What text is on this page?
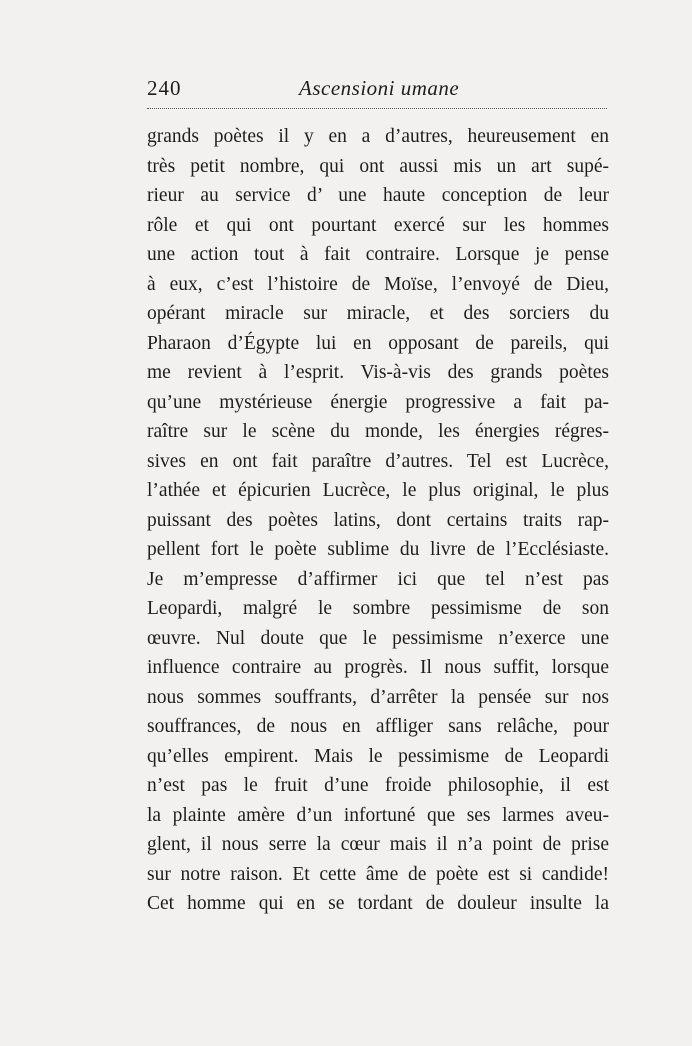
240	Ascensioni umane
grands poètes il y en a d’autres, heureusement en
très petit nombre, qui ont aussi mis un art supé-
rieur au service d’ une haute conception de leur
rôle et qui ont pourtant exercé sur les hommes
une action tout à fait contraire. Lorsque je pense
à eux, c’est l’histoire de Moïse, l’envoyé de Dieu,
opérant miracle sur miracle, et des sorciers du
Pharaon d’Égypte lui en opposant de pareils, qui
me revient à l’esprit. Vis-à-vis des grands poètes
qu’une mystérieuse énergie progressive a fait pa-
raître sur le scène du monde, les énergies régres-
sives en ont fait paraître d’autres. Tel est Lucrèce,
l’athée et épicurien Lucrèce, le plus original, le plus
puissant des poètes latins, dont certains traits rap-
pellent fort le poète sublime du livre de l’Ecclésiaste.
Je m’empresse d’affirmer ici que tel n’est pas
Leopardi, malgré le sombre pessimisme de son
œuvre. Nul doute que le pessimisme n’exerce une
influence contraire au progrès. Il nous suffit, lorsque
nous sommes souffrants, d’arrêter la pensée sur nos
souffrances, de nous en affliger sans relâche, pour
qu’elles empirent. Mais le pessimisme de Leopardi
n’est pas le fruit d’une froide philosophie, il est
la plainte amère d’un infortuné que ses larmes aveu-
glent, il nous serre la cœur mais il n’a point de prise
sur notre raison. Et cette âme de poète est si candide!
Cet homme qui en se tordant de douleur insulte la
